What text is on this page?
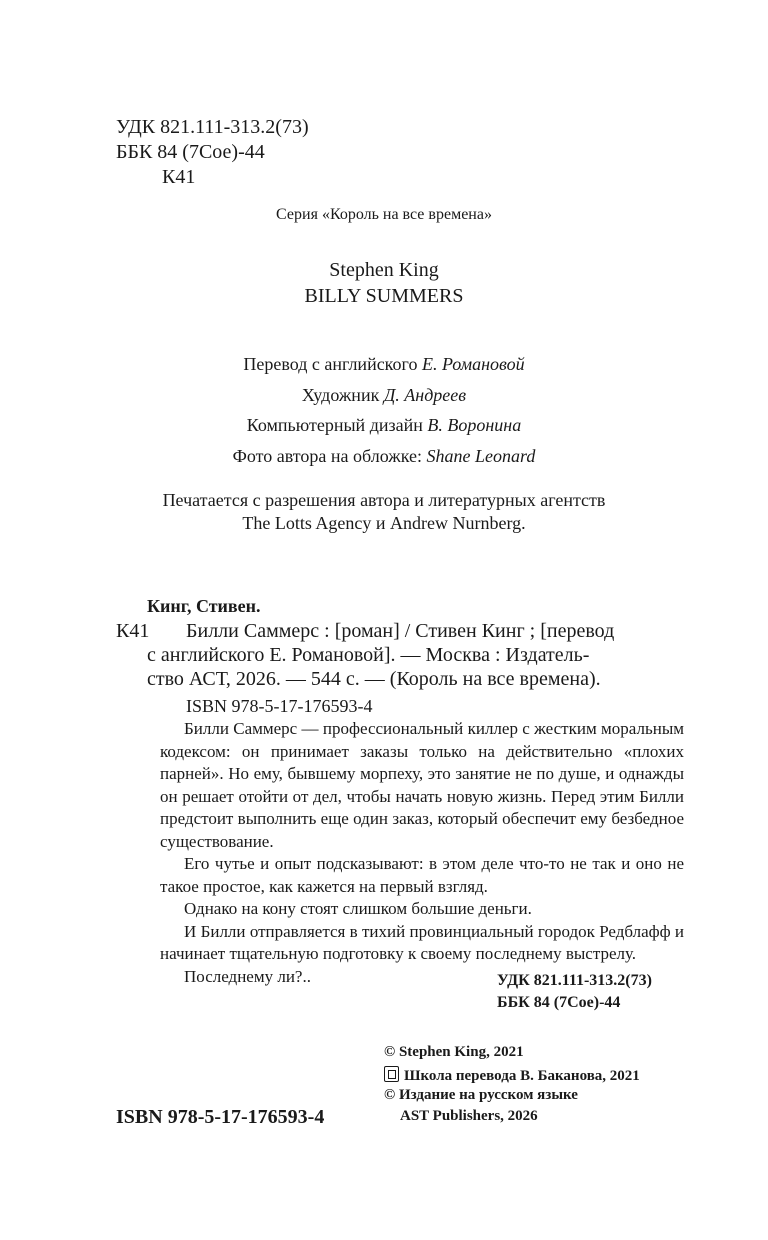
УДК 821.111-313.2(73)
ББК 84 (7Сое)-44
К41
Серия «Король на все времена»
Stephen King
BILLY SUMMERS
Перевод с английского Е. Романовой
Художник Д. Андреев
Компьютерный дизайн В. Воронина
Фото автора на обложке: Shane Leonard
Печатается с разрешения автора и литературных агентств
The Lotts Agency и Andrew Nurnberg.
Кинг, Стивен.
К41 Билли Саммерс : [роман] / Стивен Кинг ; [перевод
с английского Е. Романовой]. — Москва : Издатель-
ство АСТ, 2026. — 544 с. — (Король на все времена).
ISBN 978-5-17-176593-4

Билли Саммерс — профессиональный киллер с жестким моральным кодексом: он принимает заказы только на действительно «плохих парней». Но ему, бывшему морпеху, это занятие не по душе, и однажды он решает отойти от дел, чтобы начать новую жизнь. Перед этим Билли предстоит выполнить еще один заказ, который обеспечит ему безбедное существование.

Его чутье и опыт подсказывают: в этом деле что-то не так и оно не такое простое, как кажется на первый взгляд.

Однако на кону стоят слишком большие деньги.

И Билли отправляется в тихий провинциальный городок Редблафф и начинает тщательную подготовку к своему последнему выстрелу.

Последнему ли?..	УДК 821.111-313.2(73)
ББК 84 (7Сое)-44
ISBN 978-5-17-176593-4
© Stephen King, 2021
Школа перевода В. Баканова, 2021
© Издание на русском языке
AST Publishers, 2026
